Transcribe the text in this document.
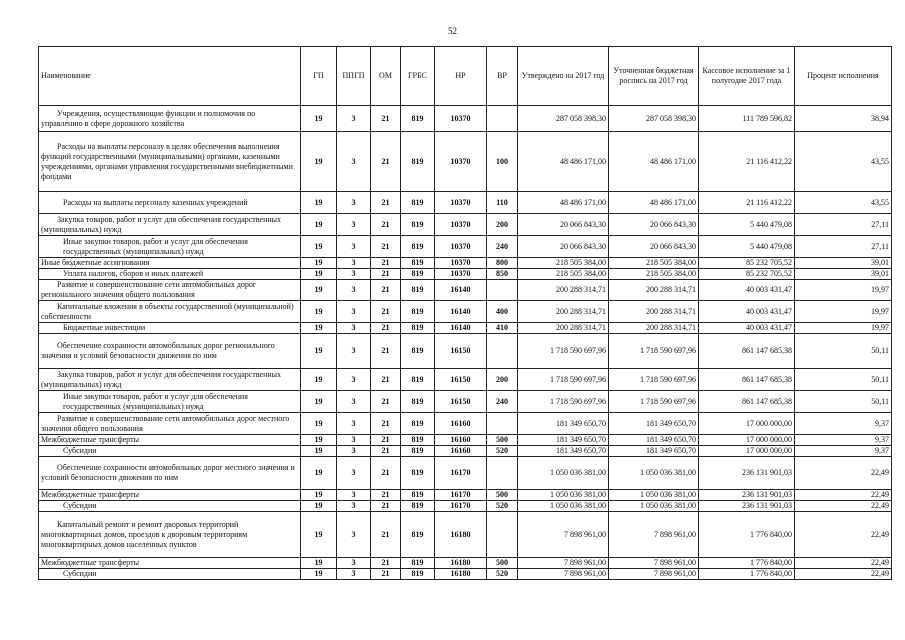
52
Наименование	ГП	ППГП	ОМ	ГРБС	НР	ВР	Утверждено на 2017 год	Уточненная бюджетная роспись на 2017 год	Кассовое исполнение за 1 полугодие 2017 года	Процент исполнения
Учреждения, осуществляющие функции и полномочия по управлению в сфере дорожного хозяйства	19	3	21	819	10370		287 058 398,30	287 058 398,30	111 789 596,82	38,94
Расходы на выплаты персоналу в целях обеспечения выполнения функций государственными (муниципальными) органами, казенными учреждениями, органами управления государственными внебюджетными фондами	19	3	21	819	10370	100	48 486 171,00	48 486 171,00	21 116 412,22	43,55
Расходы на выплаты персоналу казенных учреждений	19	3	21	819	10370	110	48 486 171,00	48 486 171,00	21 116 412,22	43,55
Закупка товаров, работ и услуг для обеспечения государственных (муниципальных) нужд	19	3	21	819	10370	200	20 066 843,30	20 066 843,30	5 440 479,08	27,11
Иные закупки товаров, работ и услуг для обеспечения государственных (муниципальных) нужд	19	3	21	819	10370	240	20 066 843,30	20 066 843,30	5 440 479,08	27,11
Иные бюджетные ассигнования	19	3	21	819	10370	800	218 505 384,00	218 505 384,00	85 232 705,52	39,01
Уплата налогов, сборов и иных платежей	19	3	21	819	10370	850	218 505 384,00	218 505 384,00	85 232 705,52	39,01
Развитие и совершенствование сети автомобильных дорог регионального значения общего пользования	19	3	21	819	16140		200 288 314,71	200 288 314,71	40 003 431,47	19,97
Капитальные вложения в объекты государственной (муниципальной) собственности	19	3	21	819	16140	400	200 288 314,71	200 288 314,71	40 003 431,47	19,97
Бюджетные инвестиции	19	3	21	819	16140	410	200 288 314,71	200 288 314,71	40 003 431,47	19,97
Обеспечение сохранности автомобильных дорог регионального значения и условий безопасности движения по ним	19	3	21	819	16150		1 718 590 697,96	1 718 590 697,96	861 147 685,38	50,11
Закупка товаров, работ и услуг для обеспечения государственных (муниципальных) нужд	19	3	21	819	16150	200	1 718 590 697,96	1 718 590 697,96	861 147 685,38	50,11
Иные закупки товаров, работ и услуг для обеспечения государственных (муниципальных) нужд	19	3	21	819	16150	240	1 718 590 697,96	1 718 590 697,96	861 147 685,38	50,11
Развитие и совершенствование сети автомобильных дорог местного значения общего пользования	19	3	21	819	16160		181 349 650,70	181 349 650,70	17 000 000,00	9,37
Межбюджетные трансферты	19	3	21	819	16160	500	181 349 650,70	181 349 650,70	17 000 000,00	9,37
Субсидии	19	3	21	819	16160	520	181 349 650,70	181 349 650,70	17 000 000,00	9,37
Обеспечение сохранности автомобильных дорог местного значения и условий безопасности движения по ним	19	3	21	819	16170		1 050 036 381,00	1 050 036 381,00	236 131 901,03	22,49
Межбюджетные трансферты	19	3	21	819	16170	500	1 050 036 381,00	1 050 036 381,00	236 131 901,03	22,49
Субсидии	19	3	21	819	16170	520	1 050 036 381,00	1 050 036 381,00	236 131 901,03	22,49
Капитальный ремонт и ремонт дворовых территорий многоквартирных домов, проездов к дворовым территориям многоквартирных домов населенных пунктов	19	3	21	819	16180		7 898 961,00	7 898 961,00	1 776 840,00	22,49
Межбюджетные трансферты	19	3	21	819	16180	500	7 898 961,00	7 898 961,00	1 776 840,00	22,49
Субсидии	19	3	21	819	16180	520	7 898 961,00	7 898 961,00	1 776 840,00	22,49
